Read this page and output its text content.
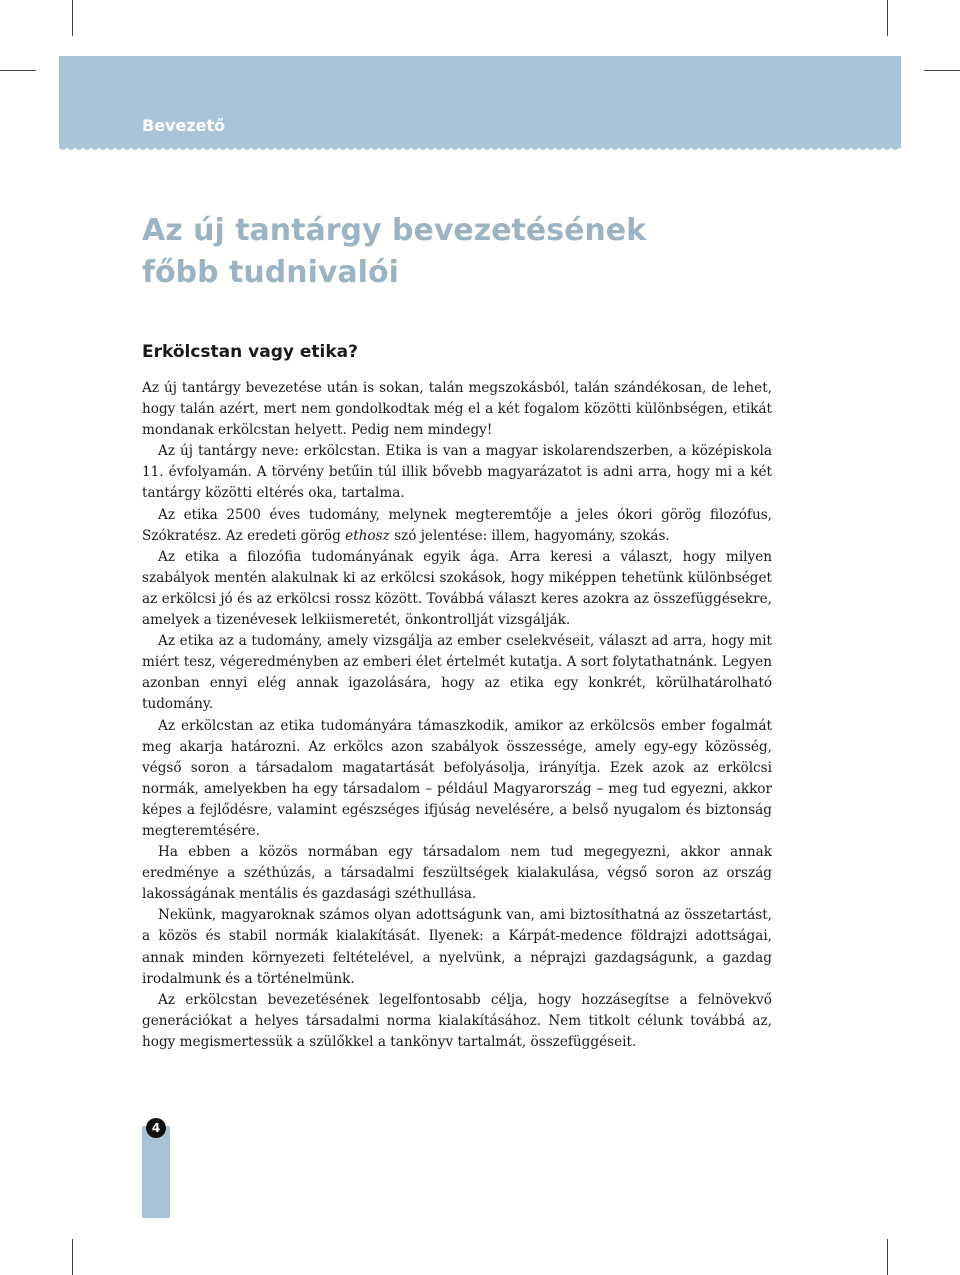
Bevezető
Az új tantárgy bevezetésének
főbb tudnivalói
Erkölcstan vagy etika?

Az új tantárgy bevezetése után is sokan, talán megszokásból, talán szándékosan, de lehet, hogy talán azért, mert nem gondolkodtak még el a két fogalom közötti különbségen, etikát mondanak erkölcstan helyett. Pedig nem mindegy!

Az új tantárgy neve: erkölcstan. Etika is van a magyar iskolarendszerben, a középiskola 11. évfolyamán. A törvény betűin túl illik bővebb magyarázatot is adni arra, hogy mi a két tantárgy közötti eltérés oka, tartalma.

Az etika 2500 éves tudomány, melynek megteremtője a jeles ókori görög filozófus, Szókratész. Az eredeti görög ethosz szó jelentése: illem, hagyomány, szokás.

Az etika a filozófia tudományának egyik ága. Arra keresi a választ, hogy milyen szabályok mentén alakulnak ki az erkölcsi szokások, hogy miképpen tehetünk különbséget az erkölcsi jó és az erkölcsi rossz között. Továbbá választ keres azokra az összefüggésekre, amelyek a tizenévesek lelkiismeretét, önkontrollját vizsgálják.

Az etika az a tudomány, amely vizsgálja az ember cselekvéseit, választ ad arra, hogy mit miért tesz, végeredményben az emberi élet értelmét kutatja. A sort folytathatnánk. Legyen azonban ennyi elég annak igazolására, hogy az etika egy konkrét, körülhatárolható tudomány.

Az erkölcstan az etika tudományára támaszkodik, amikor az erkölcsös ember fogalmát meg akarja határozni. Az erkölcs azon szabályok összessége, amely egy-egy közösség, végső soron a társadalom magatartását befolyásolja, irányítja. Ezek azok az erkölcsi normák, amelyekben ha egy társadalom – például Magyarország – meg tud egyezni, akkor képes a fejlődésre, valamint egészséges ifjúság nevelésére, a belső nyugalom és biztonság megteremtésére.

Ha ebben a közös normában egy társadalom nem tud megegyezni, akkor annak eredménye a széthúzás, a társadalmi feszültségek kialakulása, végső soron az ország lakosságának mentális és gazdasági széthullása.

Nekünk, magyaroknak számos olyan adottságunk van, ami biztosíthatná az összetartást, a közös és stabil normák kialakítását. Ilyenek: a Kárpát-medence földrajzi adottságai, annak minden környezeti feltételével, a nyelvünk, a néprajzi gazdagságunk, a gazdag irodalmunk és a történelmünk.

Az erkölcstan bevezetésének legelfontosabb célja, hogy hozzásegítse a felnövekvő generációkat a helyes társadalmi norma kialakításához. Nem titkolt célunk továbbá az, hogy megismertessük a szülőkkel a tankönyv tartalmát, összefüggéseit.

4
